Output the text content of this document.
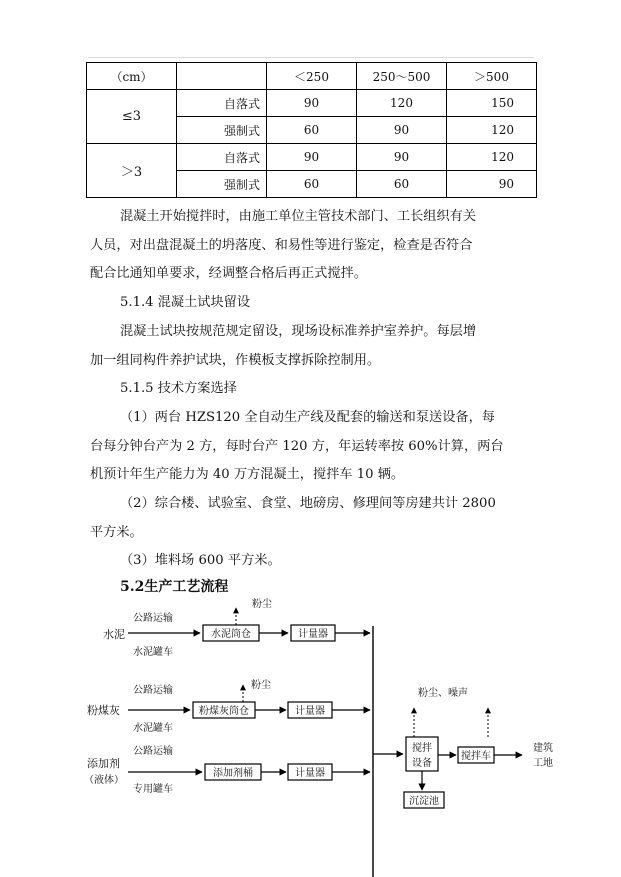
（cm）		＜250	250～500	＞500
≤3	自落式	90	120	150
	强制式	60	90	120
＞3	自落式	90	90	120
	强制式	60	60	90

混凝土开始搅拌时，由施工单位主管技术部门、工长组织有关

人员，对出盘混凝土的坍落度、和易性等进行鉴定，检查是否符合

配合比通知单要求，经调整合格后再正式搅拌。

5.1.4 混凝土试块留设

混凝土试块按规范规定留设，现场设标准养护室养护。每层增

加一组同构件养护试块，作模板支撑拆除控制用。

5.1.5 技术方案选择

（1）两台 HZS120 全自动生产线及配套的输送和泵送设备，每

台每分钟台产为 2 方，每时台产 120 方，年运转率按 60%计算，两台

机预计年生产能力为 40 万方混凝土，搅拌车 10 辆。

（2）综合楼、试验室、食堂、地磅房、修理间等房建共计 2800

平方米。

（3）堆料场 600 平方米。

5.2生产工艺流程
水泥
公路运输
水泥罐车
水泥筒仓
粉尘
计量器
粉煤灰
公路运输
水泥罐车
粉煤灰筒仓
粉尘
计量器
添加剂
（液体）
公路运输
专用罐车
添加剂桶	计量器
搅拌
设备
粉尘、噪声
搅拌车
建筑
工地
沉淀池
